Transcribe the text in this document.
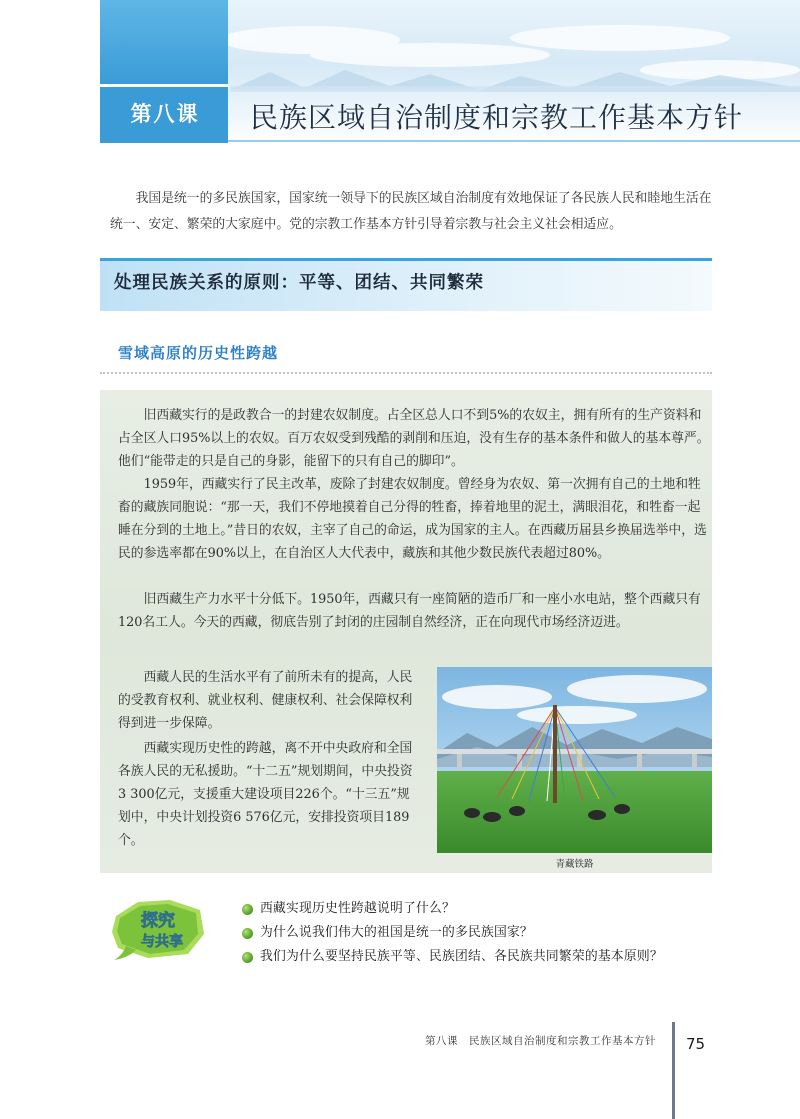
第八课	民族区域自治制度和宗教工作基本方针

我国是统一的多民族国家，国家统一领导下的民族区域自治制度有效地保证了各民族人民和睦地生活在统一、安定、繁荣的大家庭中。党的宗教工作基本方针引导着宗教与社会主义社会相适应。

处理民族关系的原则：平等、团结、共同繁荣
雪域高原的历史性跨越

旧西藏实行的是政教合一的封建农奴制度。占全区总人口不到5%的农奴主，拥有所有的生产资料和占全区人口95%以上的农奴。百万农奴受到残酷的剥削和压迫，没有生存的基本条件和做人的基本尊严。他们“能带走的只是自己的身影，能留下的只有自己的脚印”。

1959年，西藏实行了民主改革，废除了封建农奴制度。曾经身为农奴、第一次拥有自己的土地和牲畜的藏族同胞说：“那一天，我们不停地摸着自己分得的牲畜，捧着地里的泥土，满眼泪花，和牲畜一起睡在分到的土地上。”昔日的农奴，主宰了自己的命运，成为国家的主人。在西藏历届县乡换届选举中，选民的参选率都在90%以上，在自治区人大代表中，藏族和其他少数民族代表超过80%。

旧西藏生产力水平十分低下。1950年，西藏只有一座简陋的造币厂和一座小水电站，整个西藏只有120名工人。今天的西藏，彻底告别了封闭的庄园制自然经济，正在向现代市场经济迈进。

西藏人民的生活水平有了前所未有的提高，人民的受教育权利、就业权利、健康权利、社会保障权利得到进一步保障。

西藏实现历史性的跨越，离不开中央政府和全国各族人民的无私援助。“十二五”规划期间，中央投资3 300亿元，支援重大建设项目226个。“十三五”规划中，中央计划投资6 576亿元，安排投资项目189个。

青藏铁路
探究
与共享
西藏实现历史性跨越说明了什么？
为什么说我们伟大的祖国是统一的多民族国家？
我们为什么要坚持民族平等、民族团结、各民族共同繁荣的基本原则？
第八课　民族区域自治制度和宗教工作基本方针 75
